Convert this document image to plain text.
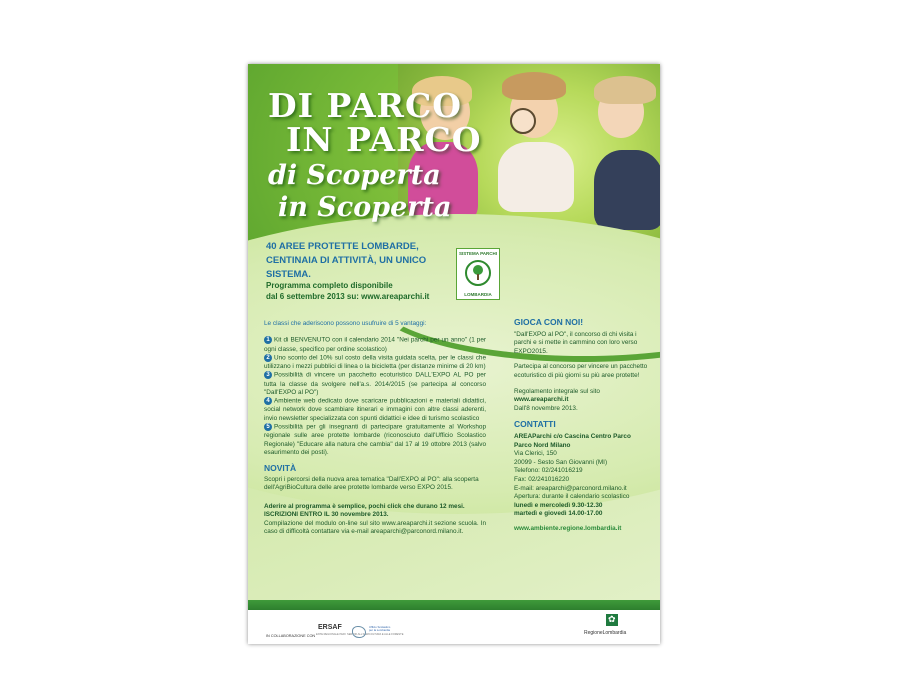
DI PARCO
IN PARCO
di Scoperta
in Scoperta
40 AREE PROTETTE LOMBARDE,
CENTINAIA DI ATTIVITÀ, UN UNICO SISTEMA.
Programma completo disponibile
dal 6 settembre 2013 su: www.areaparchi.it
SISTEMA PARCHI
LOMBARDIA
Le classi che aderiscono possono usufruire di 5 vantaggi:
1 Kit di BENVENUTO con il calendario 2014 "Nei parchi per un anno" (1 per ogni classe, specifico per ordine scolastico)
2 Uno sconto del 10% sul costo della visita guidata scelta, per le classi che utilizzano i mezzi pubblici di linea o la bicicletta (per distanze minime di 20 km)
3 Possibilità di vincere un pacchetto ecoturistico DALL'EXPO AL PO per tutta la classe da svolgere nell'a.s. 2014/2015 (se partecipa al concorso "Dall'EXPO al PO")
4 Ambiente web dedicato dove scaricare pubblicazioni e materiali didattici, social network dove scambiare itinerari e immagini con altre classi aderenti, invio newsletter specializzata con spunti didattici e idee di turismo scolastico
5 Possibilità per gli insegnanti di partecipare gratuitamente al Workshop regionale sulle aree protette lombarde (riconosciuto dall'Ufficio Scolastico Regionale) "Educare alla natura che cambia" dal 17 al 19 ottobre 2013 (salvo esaurimento dei posti).
NOVITÀ
Scopri i percorsi della nuova area tematica "Dall'EXPO al PO": alla scoperta dell'AgriBioCultura delle aree protette lombarde verso EXPO 2015.
Aderire al programma è semplice, pochi click che durano 12 mesi.
ISCRIZIONI ENTRO IL 30 novembre 2013.
Compilazione del modulo on-line sul sito www.areaparchi.it sezione scuola. In caso di difficoltà contattare via e-mail areaparchi@parconord.milano.it.
GIOCA CON NOI!
"Dall'EXPO al PO", il concorso di chi visita i parchi e si mette in cammino con loro verso EXPO2015.
Partecipa al concorso per vincere un pacchetto ecoturistico di più giorni su più aree protette!
Regolamento integrale sul sito
www.areaparchi.it
Dall'8 novembre 2013.
CONTATTI
AREAParchi c/o Cascina Centro Parco
Parco Nord Milano
Via Clerici, 150
20099 - Sesto San Giovanni (MI)
Telefono: 02/241016219
Fax: 02/241016220
E-mail: areaparchi@parconord.milano.it
Apertura: durante il calendario scolastico
lunedì e mercoledì 9.30-12.30
martedì e giovedì 14.00-17.00
www.ambiente.regione.lombardia.it
IN COLLABORAZIONE CON
ERSAF
ENTE REGIONALE PER I SERVIZI ALL'AGRICOLTURA E ALLE FORESTE
Ufficio Scolastico per la Lombardia
✿
RegioneLombardia
